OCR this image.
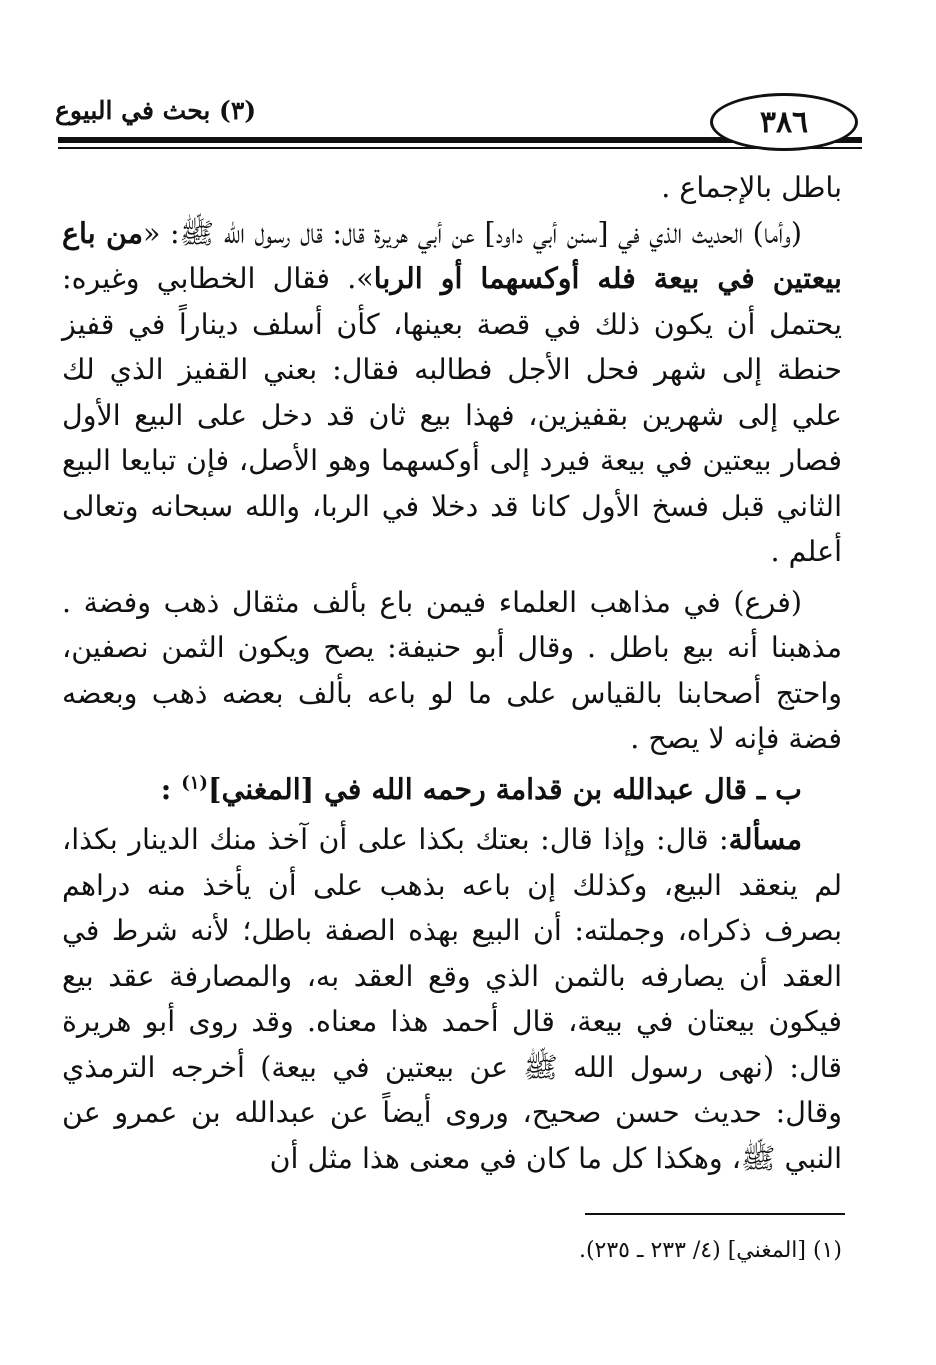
٣٨٦
(٣) بحث في البيوع

باطل بالإجماع .

(وأما) الحديث الذي في [سنن أبي داود] عن أبي هريرة قال: قال رسول الله ﷺ: «من باع بيعتين في بيعة فله أوكسهما أو الربا». فقال الخطابي وغيره: يحتمل أن يكون ذلك في قصة بعينها، كأن أسلف ديناراً في قفيز حنطة إلى شهر فحل الأجل فطالبه فقال: بعني القفيز الذي لك علي إلى شهرين بقفيزين، فهذا بيع ثان قد دخل على البيع الأول فصار بيعتين في بيعة فيرد إلى أوكسهما وهو الأصل، فإن تبايعا البيع الثاني قبل فسخ الأول كانا قد دخلا في الربا، والله سبحانه وتعالى أعلم .

(فرع) في مذاهب العلماء فيمن باع بألف مثقال ذهب وفضة . مذهبنا أنه بيع باطل . وقال أبو حنيفة: يصح ويكون الثمن نصفين، واحتج أصحابنا بالقياس على ما لو باعه بألف بعضه ذهب وبعضه فضة فإنه لا يصح .

ب ـ قال عبدالله بن قدامة رحمه الله في [المغني]$^{(١)}$ :

مسألة: قال: وإذا قال: بعتك بكذا على أن آخذ منك الدينار بكذا، لم ينعقد البيع، وكذلك إن باعه بذهب على أن يأخذ منه دراهم بصرف ذكراه، وجملته: أن البيع بهذه الصفة باطل؛ لأنه شرط في العقد أن يصارفه بالثمن الذي وقع العقد به، والمصارفة عقد بيع فيكون بيعتان في بيعة، قال أحمد هذا معناه. وقد روى أبو هريرة قال: (نهى رسول الله ﷺ عن بيعتين في بيعة) أخرجه الترمذي وقال: حديث حسن صحيح، وروى أيضاً عن عبدالله بن عمرو عن النبي ﷺ، وهكذا كل ما كان في معنى هذا مثل أن

(١) [المغني] (٤/ ٢٣٣ ـ ٢٣٥).
